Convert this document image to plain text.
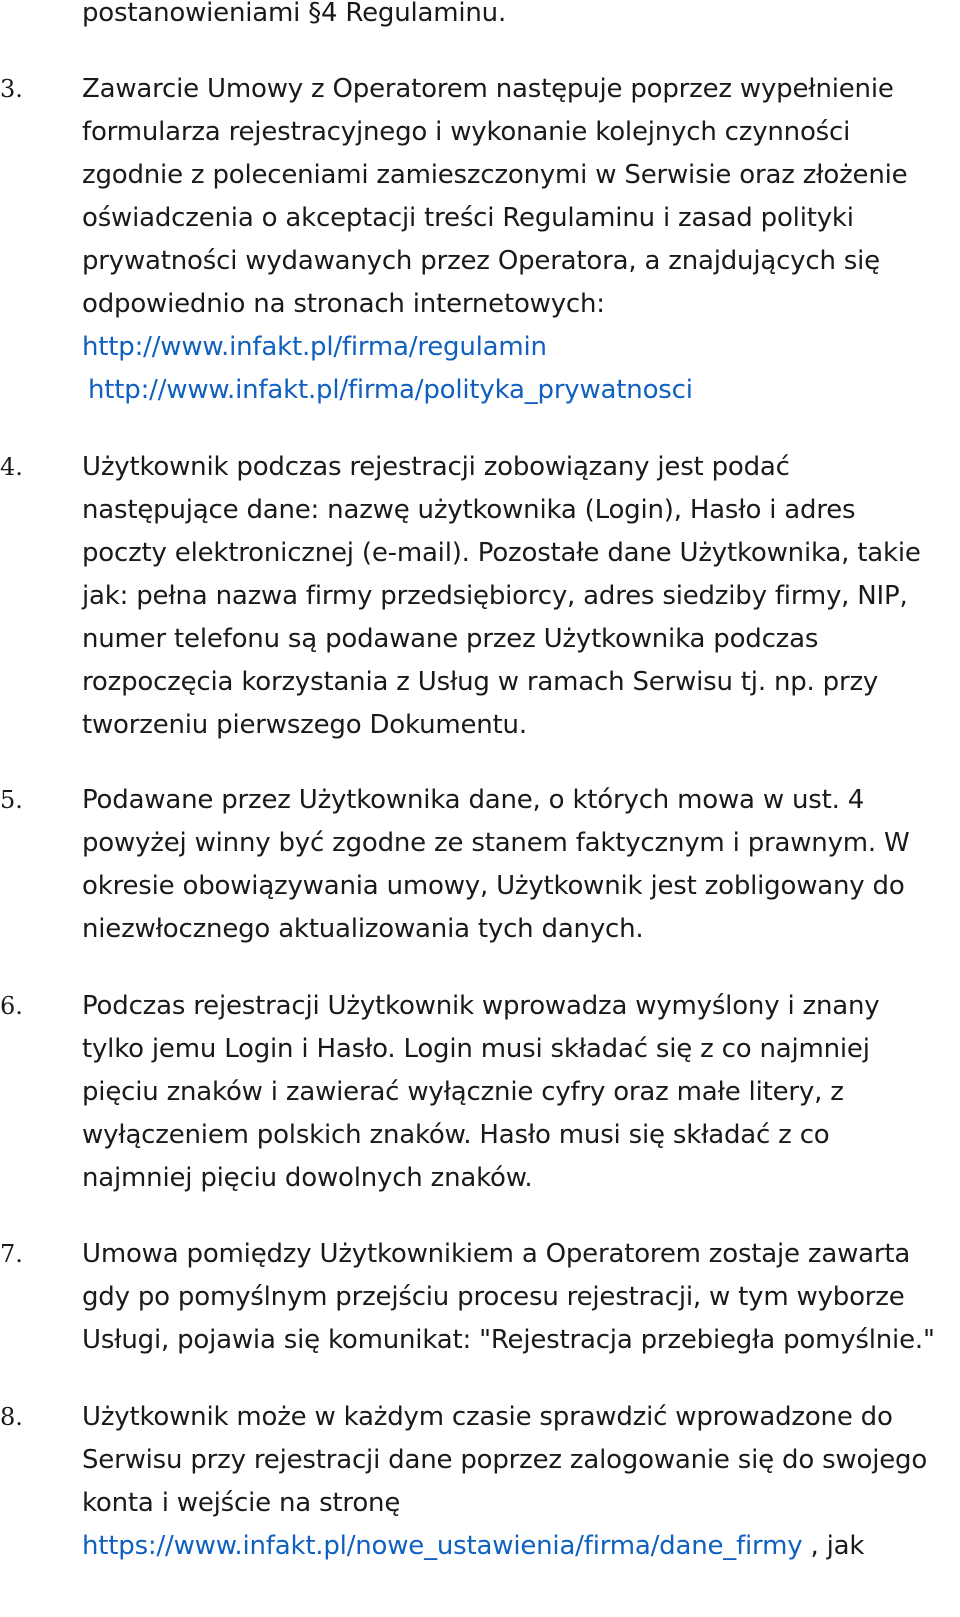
postanowieniami §4 Regulaminu.
3. Zawarcie Umowy z Operatorem następuje poprzez wypełnienie
formularza rejestracyjnego i wykonanie kolejnych czynności
zgodnie z poleceniami zamieszczonymi w Serwisie oraz złożenie
oświadczenia o akceptacji treści Regulaminu i zasad polityki
prywatności wydawanych przez Operatora, a znajdujących się
odpowiednio na stronach internetowych:
http://www.infakt.pl/firma/regulamin
http://www.infakt.pl/firma/polityka_prywatnosci
4. Użytkownik podczas rejestracji zobowiązany jest podać
następujące dane: nazwę użytkownika (Login), Hasło i adres
poczty elektronicznej (e-mail). Pozostałe dane Użytkownika, takie
jak: pełna nazwa firmy przedsiębiorcy, adres siedziby firmy, NIP,
numer telefonu są podawane przez Użytkownika podczas
rozpoczęcia korzystania z Usług w ramach Serwisu tj. np. przy
tworzeniu pierwszego Dokumentu.
5. Podawane przez Użytkownika dane, o których mowa w ust. 4
powyżej winny być zgodne ze stanem faktycznym i prawnym. W
okresie obowiązywania umowy, Użytkownik jest zobligowany do
niezwłocznego aktualizowania tych danych.
6. Podczas rejestracji Użytkownik wprowadza wymyślony i znany
tylko jemu Login i Hasło. Login musi składać się z co najmniej
pięciu znaków i zawierać wyłącznie cyfry oraz małe litery, z
wyłączeniem polskich znaków. Hasło musi się składać z co
najmniej pięciu dowolnych znaków.
7. Umowa pomiędzy Użytkownikiem a Operatorem zostaje zawarta
gdy po pomyślnym przejściu procesu rejestracji, w tym wyborze
Usługi, pojawia się komunikat: "Rejestracja przebiegła pomyślnie."
8. Użytkownik może w każdym czasie sprawdzić wprowadzone do
Serwisu przy rejestracji dane poprzez zalogowanie się do swojego
konta i wejście na stronę
https://www.infakt.pl/nowe_ustawienia/firma/dane_firmy , jak
